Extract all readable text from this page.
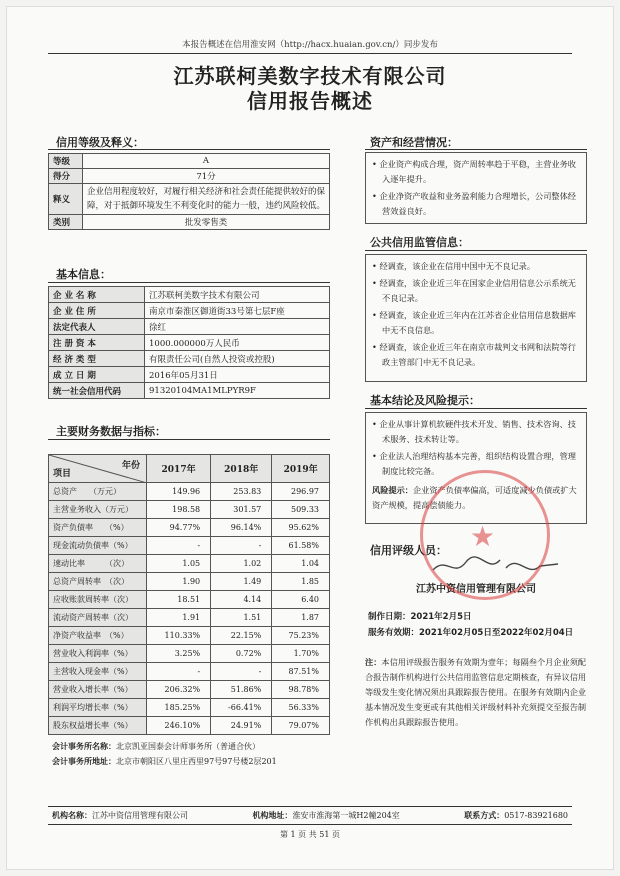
本报告概述在信用淮安网（http://hacx.huaian.gov.cn/）同步发布
江苏联柯美数字技术有限公司
信用报告概述
信用等级及释义：
等级	A
得分	71分
释义	企业信用程度较好，对履行相关经济和社会责任能提供较好的保障，对于抵御环境发生不利变化时的能力一般，违约风险较低。
类别	批发零售类
基本信息：
企 业 名 称	江苏联柯美数字技术有限公司
企 业 住 所	南京市秦淮区御道街33号第七层F座
法定代表人	徐红
注 册 资 本	1000.000000万人民币
经 济 类 型	有限责任公司(自然人投资或控股)
成 立 日 期	2016年05月31日
统一社会信用代码	91320104MA1MLPYR9F
主要财务数据与指标：
年份
项目	2017年	2018年	2019年
总资产　　（万元）	149.96	253.83	296.97
主营业务收入（万元）	198.58	301.57	509.33
资产负债率　　（%）	94.77%	96.14%	95.62%
现金流动负债率（%）	-	-	61.58%
速动比率　　　（次）	1.05	1.02	1.04
总资产周转率　（次）	1.90	1.49	1.85
应收账款周转率（次）	18.51	4.14	6.40
流动资产周转率（次）	1.91	1.51	1.87
净资产收益率　（%）	110.33%	22.15%	75.23%
营业收入利润率（%）	3.25%	0.72%	1.70%
主营收入现金率（%）	-	-	87.51%
营业收入增长率（%）	206.32%	51.86%	98.78%
利润平均增长率（%）	185.25%	-66.41%	56.33%
股东权益增长率（%）	246.10%	24.91%	79.07%
会计事务所名称：北京凯亚国泰会计师事务所（普通合伙）
会计事务所地址：北京市朝阳区八里庄西里97号97号楼2层201
资产和经营情况：
• 企业资产构成合理，资产周转率趋于平稳，主营业务收入逐年提升。
• 企业净资产收益和业务盈利能力合理增长，公司整体经营效益良好。
公共信用监管信息：
• 经调查，该企业在信用中国中无不良记录。
• 经调查，该企业近三年在国家企业信用信息公示系统无不良记录。
• 经调查，该企业近三年内在江苏省企业信用信息数据库中无不良信息。
• 经调查，该企业近三年在南京市裁判文书网和法院等行政主管部门中无不良记录。
基本结论及风险提示：
• 企业从事计算机软硬件技术开发、销售、技术咨询、技术服务、技术转让等。
• 企业法人治理结构基本完善，组织结构设置合理，管理制度比较完备。
风险提示：企业资产负债率偏高，可适度减少负债或扩大资产规模，提高偿债能力。
信用评级人员：
江苏中资信用管理有限公司
制作日期：2021年2月5日
服务有效期：2021年02月05日至2022年02月04日
注：本信用评级报告服务有效期为壹年；每隔叁个月企业须配合报告制作机构进行公共信用监管信息定期核查，有异议信用等级发生变化情况须出具跟踪报告使用。在服务有效期内企业基本情况发生变更或有其他相关评级材料补充须提交至报告制作机构出具跟踪报告使用。
★
机构名称：江苏中资信用管理有限公司	机构地址：淮安市淮海第一城H2幢204室	联系方式：0517-83921680
第 1 页 共 51 页
